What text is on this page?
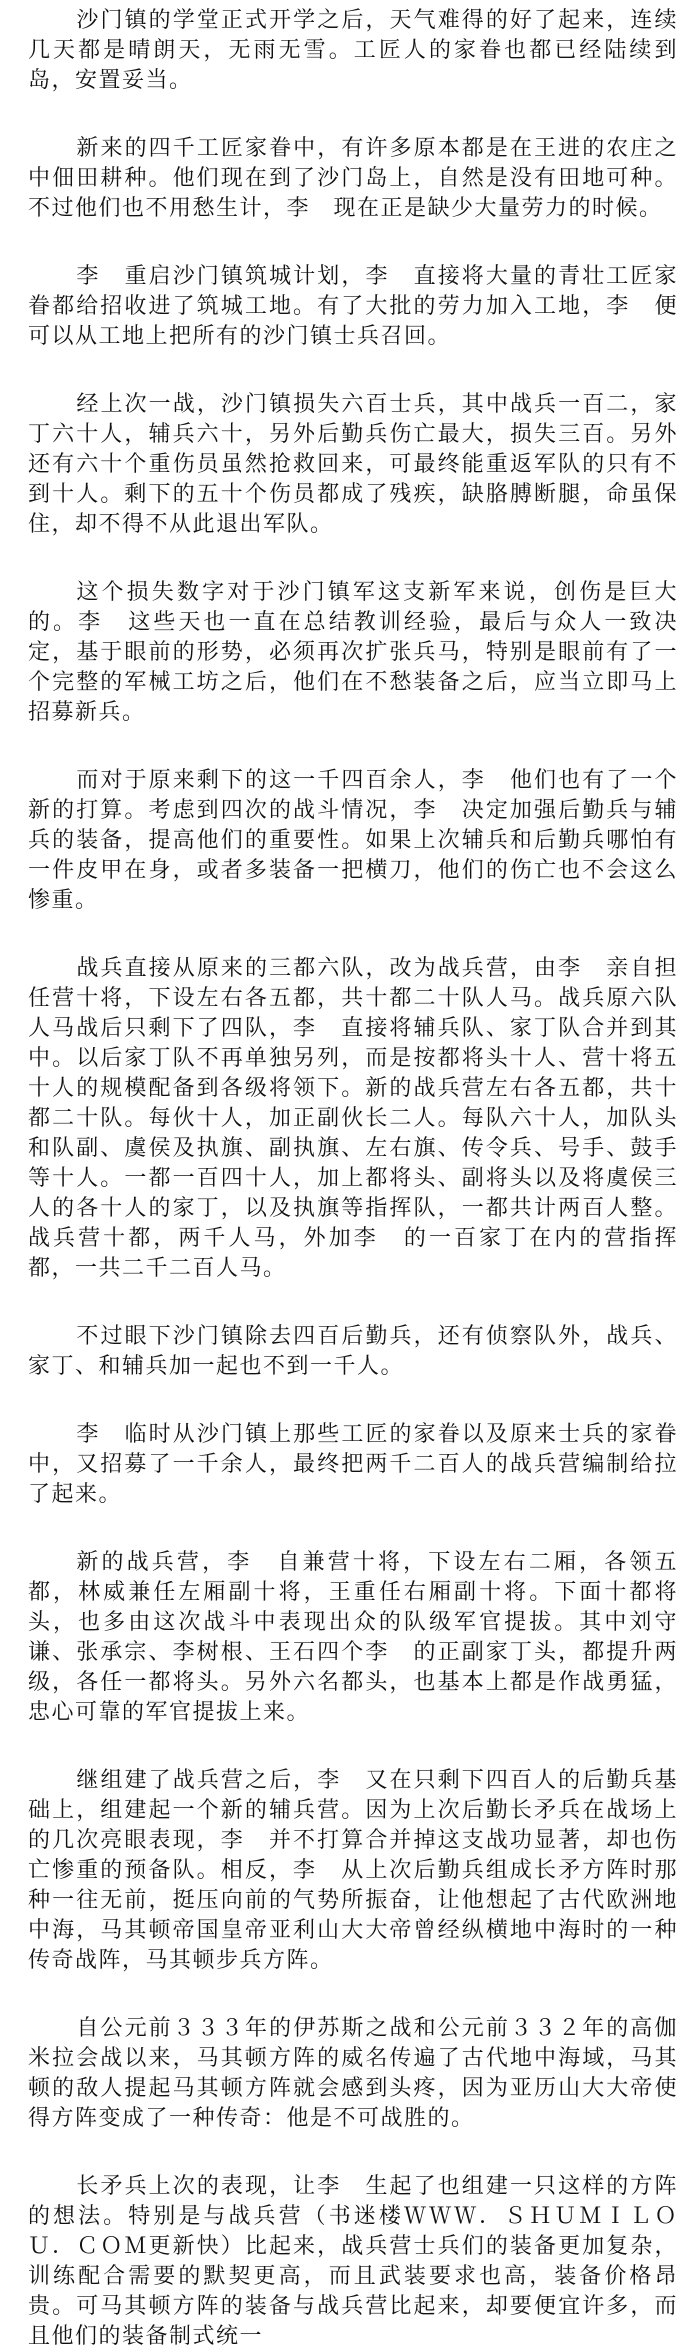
沙门镇的学堂正式开学之后，天气难得的好了起来，连续几天都是晴朗天，无雨无雪。工匠人的家眷也都已经陆续到岛，安置妥当。

新来的四千工匠家眷中，有许多原本都是在王进的农庄之中佃田耕种。他们现在到了沙门岛上，自然是没有田地可种。不过他们也不用愁生计，李　现在正是缺少大量劳力的时候。

李　重启沙门镇筑城计划，李　直接将大量的青壮工匠家眷都给招收进了筑城工地。有了大批的劳力加入工地，李　便可以从工地上把所有的沙门镇士兵召回。

经上次一战，沙门镇损失六百士兵，其中战兵一百二，家丁六十人，辅兵六十，另外后勤兵伤亡最大，损失三百。另外还有六十个重伤员虽然抢救回来，可最终能重返军队的只有不到十人。剩下的五十个伤员都成了残疾，缺胳膊断腿，命虽保住，却不得不从此退出军队。

这个损失数字对于沙门镇军这支新军来说，创伤是巨大的。李　这些天也一直在总结教训经验，最后与众人一致决定，基于眼前的形势，必须再次扩张兵马，特别是眼前有了一个完整的军械工坊之后，他们在不愁装备之后，应当立即马上招募新兵。

而对于原来剩下的这一千四百余人，李　他们也有了一个新的打算。考虑到四次的战斗情况，李　决定加强后勤兵与辅兵的装备，提高他们的重要性。如果上次辅兵和后勤兵哪怕有一件皮甲在身，或者多装备一把横刀，他们的伤亡也不会这么惨重。

战兵直接从原来的三都六队，改为战兵营，由李　亲自担任营十将，下设左右各五都，共十都二十队人马。战兵原六队人马战后只剩下了四队，李　直接将辅兵队、家丁队合并到其中。以后家丁队不再单独另列，而是按都将头十人、营十将五十人的规模配备到各级将领下。新的战兵营左右各五都，共十都二十队。每伙十人，加正副伙长二人。每队六十人，加队头和队副、虞侯及执旗、副执旗、左右旗、传令兵、号手、鼓手等十人。一都一百四十人，加上都将头、副将头以及将虞侯三人的各十人的家丁，以及执旗等指挥队，一都共计两百人整。战兵营十都，两千人马，外加李　的一百家丁在内的营指挥都，一共二千二百人马。

不过眼下沙门镇除去四百后勤兵，还有侦察队外，战兵、家丁、和辅兵加一起也不到一千人。

李　临时从沙门镇上那些工匠的家眷以及原来士兵的家眷中，又招募了一千余人，最终把两千二百人的战兵营编制给拉了起来。

新的战兵营，李　自兼营十将，下设左右二厢，各领五都，林威兼任左厢副十将，王重任右厢副十将。下面十都将头，也多由这次战斗中表现出众的队级军官提拔。其中刘守谦、张承宗、李树根、王石四个李　的正副家丁头，都提升两级，各任一都将头。另外六名都头，也基本上都是作战勇猛，忠心可靠的军官提拔上来。

继组建了战兵营之后，李　又在只剩下四百人的后勤兵基础上，组建起一个新的辅兵营。因为上次后勤长矛兵在战场上的几次亮眼表现，李　并不打算合并掉这支战功显著，却也伤亡惨重的预备队。相反，李　从上次后勤兵组成长矛方阵时那种一往无前，挺压向前的气势所振奋，让他想起了古代欧洲地中海，马其顿帝国皇帝亚利山大大帝曾经纵横地中海时的一种传奇战阵，马其顿步兵方阵。

自公元前３３３年的伊苏斯之战和公元前３３２年的高伽米拉会战以来，马其顿方阵的威名传遍了古代地中海域，马其顿的敌人提起马其顿方阵就会感到头疼，因为亚历山大大帝使得方阵变成了一种传奇：他是不可战胜的。

长矛兵上次的表现，让李　生起了也组建一只这样的方阵的想法。特别是与战兵营（书迷楼ＷＷＷ．ＳＨＵＭＩＬＯＵ．ＣＯＭ更新快）比起来，战兵营士兵们的装备更加复杂，训练配合需要的默契更高，而且武装要求也高，装备价格昂贵。可马其顿方阵的装备与战兵营比起来，却要便宜许多，而且他们的装备制式统一
